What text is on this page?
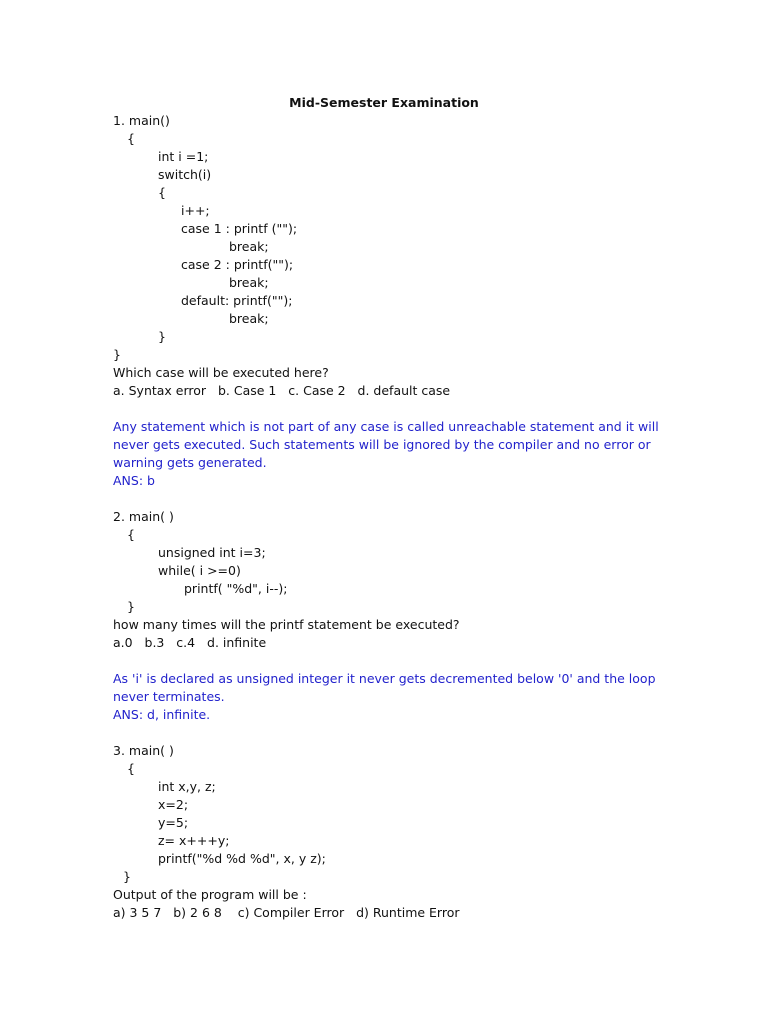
Mid-Semester Examination
1. main()
{
int i =1;
switch(i)
{
i++;
case 1 : printf ("");
break;
case 2 : printf("");
break;
default: printf("");
break;
}
}
Which case will be executed here?
a. Syntax error   b. Case 1   c. Case 2   d. default case
Any statement which is not part of any case is called unreachable statement and it will
never gets executed. Such statements will be ignored by the compiler and no error or
warning gets generated.
ANS: b
2. main( )
{
unsigned int i=3;
while( i >=0)
printf( "%d", i--);
}
how many times will the printf statement be executed?
a.0   b.3   c.4   d. infinite
As 'i' is declared as unsigned integer it never gets decremented below '0' and the loop
never terminates.
ANS: d, infinite.
3. main( )
{
int x,y, z;
x=2;
y=5;
z= x+++y;
printf("%d %d %d", x, y z);
}
Output of the program will be :
a) 3 5 7   b) 2 6 8    c) Compiler Error   d) Runtime Error
